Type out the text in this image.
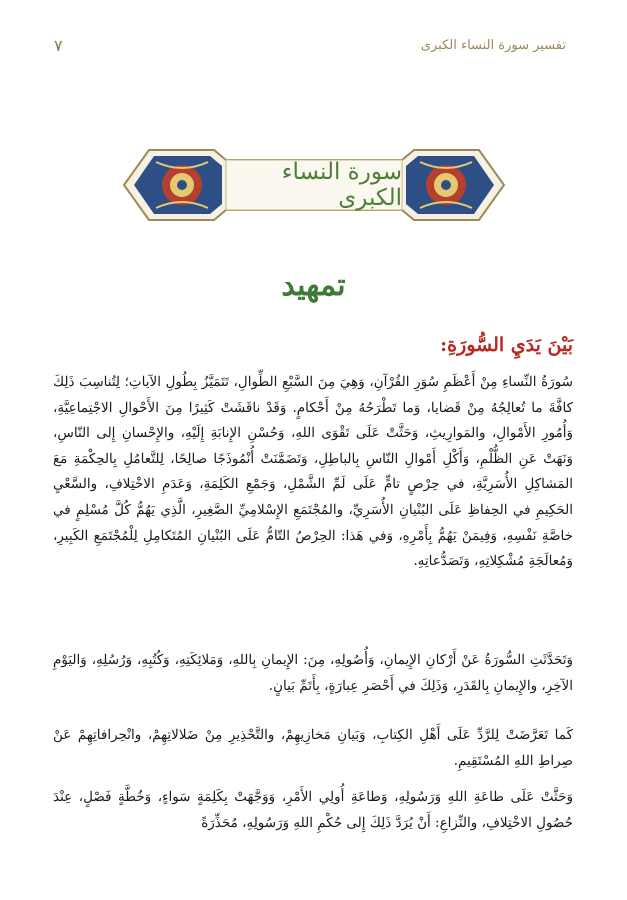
٧	تفسير سورة النساء الكبرى
سورة النساء الكبرى
تمهيد
بَيْنَ يَدَيِ السُّورَةِ:
سُورَةُ النِّساءِ مِنْ أَعْظَمِ سُوَرِ القُرْآنِ، وَهِيَ مِنَ السَّبْعِ الطِّوالِ، تَتَمَيَّزُ بِطُولِ الآياتِ؛ لِتُناسِبَ ذَلِكَ كافَّةَ ما تُعالِجُهُ مِنْ قَضايا، وَما تَطْرَحُهُ مِنْ أَحْكامٍ. وَقَدْ ناقَشَتْ كَثِيرًا مِنَ الأَحْوالِ الاجْتِماعِيَّةِ، وَأُمُورِ الأَمْوالِ، والمَوارِيثِ، وَحَثَّتْ عَلَى تَقْوَى اللهِ، وَحُسْنِ الإِنابَةِ إِلَيْهِ، والإِحْسانِ إِلى النّاسِ، وَنَهَتْ عَنِ الظُّلْمِ، وَأَكْلِ أَمْوالِ النّاسِ بِالباطِلِ، وَتَضَمَّنَتْ أُنْمُوذَجًا صالِحًا، لِلتَّعامُلِ بِالحِكْمَةِ مَعَ المَشاكِلِ الأُسَرِيَّةِ، في حِرْصٍ تامٍّ عَلَى لَمِّ الشَّمْلِ، وَجَمْعِ الكَلِمَةِ، وَعَدَمِ الاخْتِلافِ، والسَّعْيِ الحَكِيمِ في الحِفاظِ عَلَى البُنْيانِ الأُسَرِيِّ، والمُجْتَمَعِ الإِسْلامِيِّ الصَّغِيرِ، الَّذِي يَهُمُّ كُلَّ مُسْلِمٍ في خاصَّةِ نَفْسِهِ، وَفِيمَنْ يَهُمُّ بِأَمْرِهِ، وَفي هَذا: الحِرْصُ التّامُّ عَلَى البُنْيانِ المُتَكامِلِ لِلْمُجْتَمَعِ الكَبِيرِ، وَمُعالَجَةِ مُشْكِلاتِهِ، وَتَصَدُّعاتِهِ.
وَتَحَدَّثَتِ السُّورَةُ عَنْ أَرْكانِ الإِيمانِ، وَأُصُولِهِ، مِنَ: الإِيمانِ بِاللهِ، وَمَلائِكَتِهِ، وَكُتُبِهِ، وَرُسُلِهِ، وَاليَوْمِ الآخِرِ، والإِيمانِ بِالقَدَرِ، وَذَلِكَ في أَحْصَرِ عِبارَةٍ، بِأَتَمِّ بَيانٍ.
كَما تَعَرَّضَتْ لِلرَّدِّ عَلَى أَهْلِ الكِتابِ، وَبَيانِ مَخازِيهِمْ، والتَّحْذِيرِ مِنْ ضَلالاتِهِمْ، وانْحِرافاتِهِمْ عَنْ صِراطِ اللهِ المُسْتَقِيمِ.
وَحَثَّتْ عَلَى طاعَةِ اللهِ وَرَسُولِهِ، وَطاعَةِ أُولِي الأَمْرِ، وَوَجَّهَتْ بِكَلِمَةٍ سَواءٍ، وَخُطَّةٍ فَصْلٍ، عِنْدَ حُصُولِ الاخْتِلافِ، والنِّزاعِ: أَنْ يُرَدَّ ذَلِكَ إِلى حُكْمِ اللهِ وَرَسُولِهِ، مُحَذِّرَةً
